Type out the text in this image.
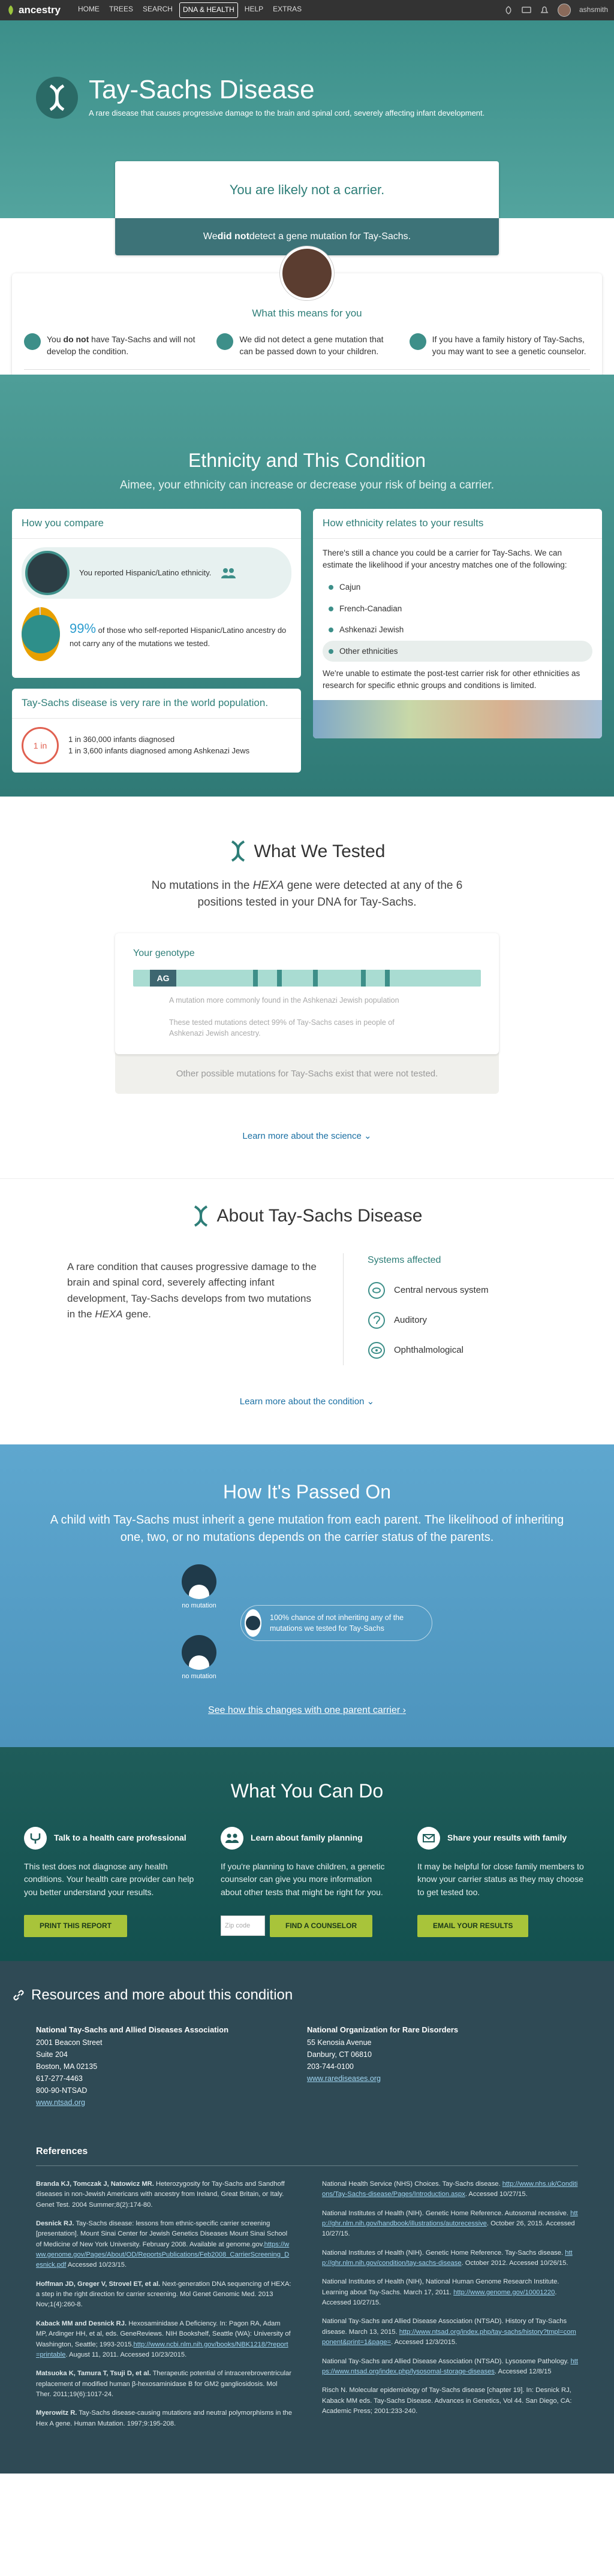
ancestry	HOME	TREES	SEARCH	DNA & HEALTH	HELP	EXTRAS	ashsmith
Tay-Sachs Disease
A rare disease that causes progressive damage to the brain and spinal cord, severely affecting infant development.
You are likely not a carrier.
We did not detect a gene mutation for Tay-Sachs.
What this means for you
You do not have Tay-Sachs and will not develop the condition.
We did not detect a gene mutation that can be passed down to your children.
If you have a family history of Tay-Sachs, you may want to see a genetic counselor.
Ethnicity and This Condition

Aimee, your ethnicity can increase or decrease your risk of being a carrier.

How you compare
You reported Hispanic/Latino ethnicity.
99% of those who self-reported Hispanic/Latino ancestry do not carry any of the mutations we tested.
Tay-Sachs disease is very rare in the world population.
1 in
1 in 360,000 infants diagnosed
1 in 3,600 infants diagnosed among Ashkenazi Jews
How ethnicity relates to your results

There's still a chance you could be a carrier for Tay-Sachs. We can estimate the likelihood if your ancestry matches one of the following:

Cajun
French-Canadian
Ashkenazi Jewish
Other ethnicities

We're unable to estimate the post-test carrier risk for other ethnicities as research for specific ethnic groups and conditions is limited.

What We Tested

No mutations in the HEXA gene were detected at any of the 6 positions tested in your DNA for Tay-Sachs.

Your genotype
AG
A mutation more commonly found in the Ashkenazi Jewish population
These tested mutations detect 99% of Tay-Sachs cases in people of Ashkenazi Jewish ancestry.
Other possible mutations for Tay-Sachs exist that were not tested.
Learn more about the science ⌄
About Tay-Sachs Disease
A rare condition that causes progressive damage to the brain and spinal cord, severely affecting infant development, Tay-Sachs develops from two mutations in the HEXA gene.
Systems affected
Central nervous system
Auditory
Ophthalmological
Learn more about the condition ⌄
How It's Passed On

A child with Tay-Sachs must inherit a gene mutation from each parent. The likelihood of inheriting one, two, or no mutations depends on the carrier status of the parents.

no mutation
no mutation
100% chance of not inheriting any of the mutations we tested for Tay-Sachs
See how this changes with one parent carrier ›
What You Can Do
Talk to a health care professional

This test does not diagnose any health conditions. Your health care provider can help you better understand your results.

PRINT THIS REPORT
Learn about family planning

If you're planning to have children, a genetic counselor can give you more information about other tests that might be right for you.

Zip code	FIND A COUNSELOR
Share your results with family

It may be helpful for close family members to know your carrier status as they may choose to get tested too.

EMAIL YOUR RESULTS
Resources and more about this condition
National Tay-Sachs and Allied Diseases Association
2001 Beacon Street
Suite 204
Boston, MA 02135
617-277-4463
800-90-NTSAD
www.ntsad.org
National Organization for Rare Disorders
55 Kenosia Avenue
Danbury, CT 06810
203-744-0100
www.rarediseases.org
References

Branda KJ, Tomczak J, Natowicz MR. Heterozygosity for Tay-Sachs and Sandhoff diseases in non-Jewish Americans with ancestry from Ireland, Great Britain, or Italy. Genet Test. 2004 Summer;8(2):174-80.

Desnick RJ. Tay-Sachs disease: lessons from ethnic-specific carrier screening [presentation]. Mount Sinai Center for Jewish Genetics Diseases Mount Sinai School of Medicine of New York University. February 2008. Available at genome.gov.https://www.genome.gov/Pages/About/OD/ReportsPublications/Feb2008_CarrierScreening_Desnick.pdf Accessed 10/23/15.

Hoffman JD, Greger V, Strovel ET, et al. Next-generation DNA sequencing of HEXA: a step in the right direction for carrier screening. Mol Genet Genomic Med. 2013 Nov;1(4):260-8.

Kaback MM and Desnick RJ. Hexosaminidase A Deficiency. In: Pagon RA, Adam MP, Ardinger HH, et al, eds. GeneReviews. NIH Bookshelf, Seattle (WA): University of Washington, Seattle; 1993-2015.http://www.ncbi.nlm.nih.gov/books/NBK1218/?report=printable. August 11, 2011. Accessed 10/23/2015.

Matsuoka K, Tamura T, Tsuji D, et al. Therapeutic potential of intracerebroventricular replacement of modified human β-hexosaminidase B for GM2 gangliosidosis. Mol Ther. 2011;19(6):1017-24.

Myerowitz R. Tay-Sachs disease-causing mutations and neutral polymorphisms in the Hex A gene. Human Mutation. 1997;9:195-208.

National Health Service (NHS) Choices. Tay-Sachs disease. http://www.nhs.uk/Conditions/Tay-Sachs-disease/Pages/Introduction.aspx. Accessed 10/27/15.

National Institutes of Health (NIH). Genetic Home Reference. Autosomal recessive. http://ghr.nlm.nih.gov/handbook/illustrations/autorecessive. October 26, 2015. Accessed 10/27/15.

National Institutes of Health (NIH). Genetic Home Reference. Tay-Sachs disease. http://ghr.nlm.nih.gov/condition/tay-sachs-disease. October 2012. Accessed 10/26/15.

National Institutes of Health (NIH), National Human Genome Research Institute. Learning about Tay-Sachs. March 17, 2011. http://www.genome.gov/10001220. Accessed 10/27/15.

National Tay-Sachs and Allied Disease Association (NTSAD). History of Tay-Sachs disease. March 13, 2015. http://www.ntsad.org/index.php/tay-sachs/history?tmpl=component&print=1&page=. Accessed 12/3/2015.

National Tay-Sachs and Allied Disease Association (NTSAD). Lysosome Pathology. https://www.ntsad.org/index.php/lysosomal-storage-diseases. Accessed 12/8/15

Risch N. Molecular epidemiology of Tay-Sachs disease [chapter 19]. In: Desnick RJ, Kaback MM eds. Tay-Sachs Disease. Advances in Genetics, Vol 44. San Diego, CA: Academic Press; 2001:233-240.
